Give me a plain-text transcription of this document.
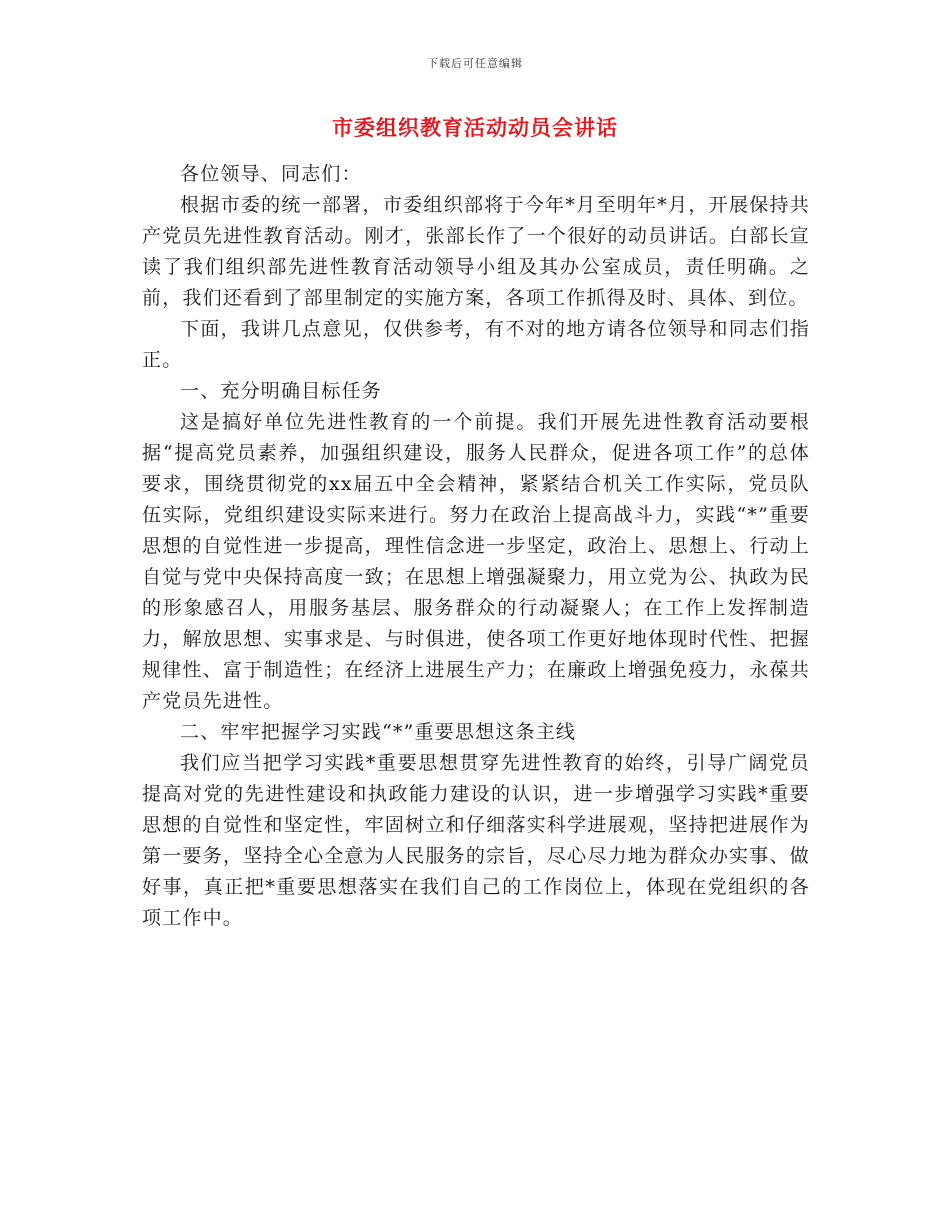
下载后可任意编辑
市委组织教育活动动员会讲话

各位领导、同志们：

根据市委的统一部署，市委组织部将于今年*月至明年*月，开展保持共产党员先进性教育活动。刚才，张部长作了一个很好的动员讲话。白部长宣读了我们组织部先进性教育活动领导小组及其办公室成员，责任明确。之前，我们还看到了部里制定的实施方案，各项工作抓得及时、具体、到位。

下面，我讲几点意见，仅供参考，有不对的地方请各位领导和同志们指正。

一、充分明确目标任务

这是搞好单位先进性教育的一个前提。我们开展先进性教育活动要根据“提高党员素养，加强组织建设，服务人民群众，促进各项工作”的总体要求，围绕贯彻党的xx届五中全会精神，紧紧结合机关工作实际，党员队伍实际，党组织建设实际来进行。努力在政治上提高战斗力，实践“*”重要思想的自觉性进一步提高，理性信念进一步坚定，政治上、思想上、行动上自觉与党中央保持高度一致；在思想上增强凝聚力，用立党为公、执政为民的形象感召人，用服务基层、服务群众的行动凝聚人；在工作上发挥制造力，解放思想、实事求是、与时俱进，使各项工作更好地体现时代性、把握规律性、富于制造性；在经济上进展生产力；在廉政上增强免疫力，永葆共产党员先进性。

二、牢牢把握学习实践“*”重要思想这条主线

我们应当把学习实践*重要思想贯穿先进性教育的始终，引导广阔党员提高对党的先进性建设和执政能力建设的认识，进一步增强学习实践*重要思想的自觉性和坚定性，牢固树立和仔细落实科学进展观，坚持把进展作为第一要务，坚持全心全意为人民服务的宗旨，尽心尽力地为群众办实事、做好事，真正把*重要思想落实在我们自己的工作岗位上，体现在党组织的各项工作中。
